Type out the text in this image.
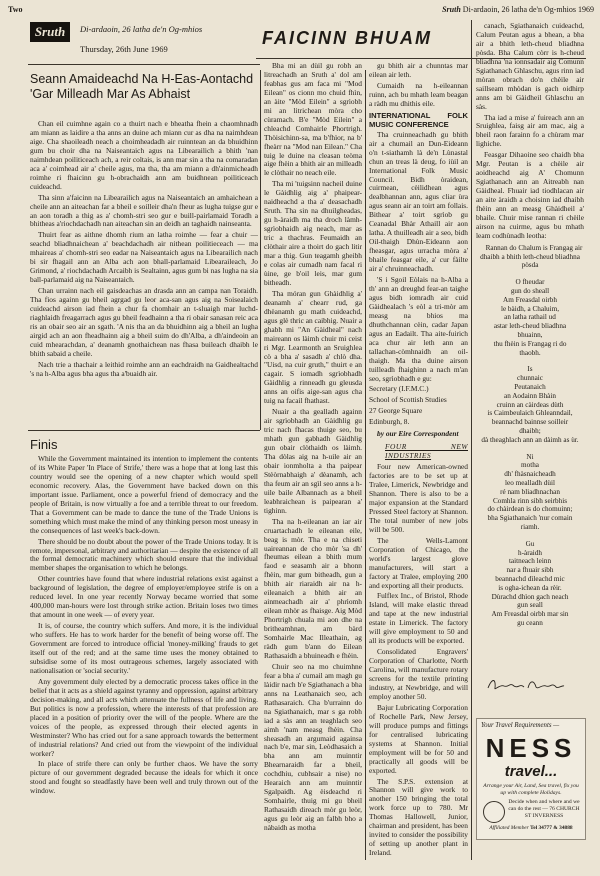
Two	Sruth Di-ardaoin, 26 latha de'n Og-mhios 1969
Sruth	Di-ardaoin, 26 latha de'n Og-mhios
Thursday, 26th June 1969
FAICINN BHUAM
Seann Amaideachd Na H-Eas-Aontachd 'Gar Milleadh Mar As Abhaist

Chan eil cuimhne again co a thuirt nach e bheatha fhein a chaomhnadh am miann as laidire a tha anns an duine ach miann cur as dha na naimhdean aige. Cha shaoileadh neach a choimheadadh air ruinntean an da bhuidhinn gum bu choir dha na Naiseantaich agus na Libearailich a bhith 'nan naimhdean poiliticeach ach, a reir coltais, is ann mar sin a tha na comaradan aca a' coimhead air a' cheile agus, ma tha, tha am miann a dh'ainmicheadh roimhe ri fhaicinn gu h-obrachaidh ann am buidhnean poiliticeach cuideachd.

Tha sinn a'faicinn na Libearailich agus na Naiseantaich an amhaichean a cheile ann an aiteachan far a bheil e soilleir dha'n fheur as lugha tuigse gur e an aon toradh a thig as a' chomh-stri seo gur e buill-pairlamaid Toradh a bhitheas a'riochdachadh nan aiteachan sin an deidh an taghaidh nainseanta.

Thuirt fear as aithne dhomh rium an latha roimhe — fear a chuir — seachd bliadhnaichean a' beachdachadh air nithean poilitieceach — ma mhaireas a' chomh-stri seo eadar na Naiseantaich agus na Libearailich nach bi sir fhagail ann an Alba ach aon bhall-parlamaid Libearaileach, Jo Grimond, a' riochdachadh Arcaibh is Sealtainn, agus gum bi nas lugha na sia ball-parlamaid aig na Naiseantaich.

Chan urrainn nach eil gaisdeachas an drasda ann an campa nan Toraidh. Tha fios againn gu bheil agrgad gu leor aca-san agus aig na Soisealaich cuideachd airson iad fhein a chur fa chomhair an t-sluaigh mar luchd-riaghlaidh freagarrach agus gu bheil feadhainn a tha ri obair sanasan reic aca ris an obair seo air an sgath. 'A nis tha an da bhuidhinn aig a bheil an lugha airgid ach an aon fheadhainn aig a bheil suim do dh'Alba, a dh'aindeoin an cuid mhearachdan, a' deanamh gnothaichean nas fhasa buileach dhaibh le bhith sabaid a cheile.

Nach trie a thachair a leithid roimhe ann an eachdraidh na Gaidhealtachd 's na h-Alba agus bha agus tha a'buaidh air.

Finis

While the Government maintained its intention to implement the contents of its White Paper 'In Place of Strife,' there was a hope that at long last this country would see the opening of a new chapter which would spell economic recovery. Alas, the Government have backed down on this important issue. Parliament, once a powerful friend of democracy and the people of Britain, is now virtually a foe and a terrible threat to our freedom. That a Government can be made to dance the tune of the Trade Unions is something which must make the mind of any thinking person most uneasy in the consequences of last week's back-down.

There should be no doubt about the power of the Trade Unions today. It is remote, impersonal, arbitrary and authoritarian — despite the existence of all the formal democratic machinery which should ensure that the individual member shapes the organisation to which he belongs.

Other countries have found that where industrial relations exist against a background of legislation, the degree of employer/employee strife is on a reduced level. In one year recently Norway became worried that some 400,000 man-hours were lost through strike action. Britain loses two times that amount in one week — of every year.

It is, of course, the country which suffers. And more, it is the individual who suffers. He has to work harder for the benefit of being worse off. The Government are forced to introduce official 'money-milking' frauds to get itself out of the red; and at the same time uses the money obtained to subsidise some of its most outrageous schemes, largely associated with nationalisation or 'social security.'

Any government duly elected by a democratic process takes office in the belief that it acts as a shield against tyranny and oppression, against arbitrary decision-making, and all acts which attenuate the fullness of life and living. But politics is now a profession, where the interests of that profession are placed in a position of priority over the will of the people. Where are the voices of the people, as expressed through their elected agents in Westminster? Who has cried out for a sane approach towards the betterment of industrial relations? And cried out from the viewpoint of the individual worker?

In place of strife there can only be further chaos. We have the sorry picture of our government degraded because the ideals for which it once stood and fought so steadfastly have been well and truly thrown out of the window.

Bha mi an dùil gu robh an litreachadh an Sruth a' dol am feabhas gus am faca mi "Mod Eilean" os cionn mo chuid fhìn, an àite "Mòd Eilein" a sgrìobh mi an litrichean mòra cho cùramach. B'e "Mòd Eilein" a chleachd Comhairle Phortrigh. Thòisichinn-sa, ma b'fhìor, na b' fheàrr na "Mod nan Eilean." Cha tuig le duine na cleasan teòma aige fhèin a bhith air an milleadh le clòthair no neach eile.

Tha mi 'tuigsinn nacheil duine le Gàidhlig aig a' phaipear-naidheachd a tha a' deasachadh Sruth. Tha sin na dhuilgheadas, gu h-àraidh ma tha droch làmh-sgrìobhaidh aig neach, mar as tric a thachras. Feumaidh an clòthair aire a thoirt do gach litir mar a thig. Gun teagamh gheibh e colas air cumadh nam facal ri ùine, ge b'oil leis, mar gum bitheadh.

Tha móran gun Ghàidhlig a' deanamh a' chearr rud, ga dhèanamh gu math cuideachd, agus glè thric an caibhig. Nuair a ghabh mi "An Gàidheal" nach maireann os làimh chuir mi ceist ri Mgr. Learmonth an Sruighlea cò a bha a' sasadh a' chlò dha. "Uisd, na cuir gruth," thuirt e an cagair. S iomadh sgrìobhadh Gàidhlig a rinneadh gu gleusda anns an oifis aige-san agus cha tuig na facail fhathast.

Nuair a tha gealladh againn air sgrìobhadh an Gàidhlig gu tric nach fhacas thuige seo, bu mhath gun gabhadh Gàidhlig gun obair clòthaidh os làimh. Tha dòlas aig na h-uile air an obair ionmholta a tha paipear Stèòrnabhaigh a' dèanamh, ach tha feum air an sgìl seo anns a h-uile baile Albannach as a bheil leabhraichean is paipearan a' tighinn.

Tha na h-eileanan an iar air cruartachadh le eileanan eile, beag is mòr. Tha e na chiseti uaireannan de cho mòr 'sa dh' fheumas eilean a bhith mum faod e seasamh air a bhonn fhèin, mar gum bitheadh, gun a bhith air riaraidh air na h-eileanaich a bhith air an ainmeachadh air a' phrìomh eilean mhòr as fhaisge. Aig Mòd Phortrigh chuala mi aon dhe na britheamhnan, am bàrd Somhairle Mac Illeathain, ag ràdh gum b'ann do Eilean Rathasaidh a bhuineadh e fhèin.

Chuir seo na mo chuimhne fear a bha a' cumail am magh gu làidir nach b'e Sgiathanach a bha anns na Leathanaich seo, ach Rathasaraich. Cha b'urrainn do na Sgiathanaich, mar s ga robh iad a sàs ann an teaghlach seo aimh 'nam measg fhèin. Cha sheasadh an argumaid againsa nach b'e, mar sin, Leòdhasaich a bha ann am muinntir Bhearnaraidh far a bheil, cochdhiu, cubhsair a nise) no Hearaich ann am muinntir Sgalpaidh. Ag èisdeachd ri Somhairle, thuig mi gu bheil Rathasaidh direach mòr gu leòr, agus gu leòr aig an falbh bho a nàbaidh as motha

gu bhith air a chunntas mar eilean air leth.

Cumaidh na h-eileannan ruinn, ach bu mhath leam beagan a ràdh mu dhithis eile.

INTERNATIONAL FOLK MUSIC CONFERENCE

Tha cruinneachadh gu bhith air a chumail an Dun-Eideann o'n t-siathamh là de'n Lùnastal chun an treas là deug, fo iùil an International Folk Music Council. Bidh òraidean, cuirmean, cèilidhean agus dealbhannan ann, agus cliar ùra agus seann air an toirt am follais. Bithear a' toirt sgrìob gu Ceanadal Bhàr Athaill air aon latha. A thuilleadh air a seo, bidh Oil-thaigh Dhùn-Eideann aon fheasgar, agus urracha mòra a' bhaile feasgar eile, a' cur fàilte air a' chruinneachadh.

'S i Sgoil Eòlais na h-Alba a th' ann an dreughd fear-an taighe agus bidh iomradh air cuid Gàidhealach 's eòl a tri-mòr am measg na bhios ma dhuthchannan cèin, cadar Japan agus an Eadailt. Tha aite-fuirich aca chur air leth ann an tallachan-còmhnaidh an oil-thaigh. Ma tha duine airson tuilleadh fhaighinn a nach m'an seo, sgrìobhadh e gu:

Secretary (I.F.M.C.)

School of Scottish Studies

27 George Square

Edinburgh, 8.

by our Eire Correspondent

FOUR NEW INDUSTRIES

Four new American-owned factories are to be set up at Tralee, Limerick, Newbridge and Shannon. There is also to be a major expansion at the Standard Pressed Steel factory at Shannon. The total number of new jobs will be 500.

The Wells-Lamont Corporation of Chicago, the world's largest glove manufacturers, will start a factory at Tralee, employing 200 and exporting all their products.

Fulflex Inc., of Bristol, Rhode Island, will make elastic thread and tape at the new industrial estate in Limerick. The factory will give employment to 50 and all its products will be exported.

Consolidated Engravers' Corporation of Charlotte, North Carolina, will manufacture rotary screens for the textile printing industry, at Newbridge, and will employ another 50.

Bajur Lubricating Corporation of Rochelle Park, New Jersey, will produce pumps and fittings for centralised lubricating systems at Shannon. Initial employment will be for 50 and practically all goods will be exported.

The S.P.S. extension at Shannon will give work to another 150 bringing the total work force up to 780. Mr Thomas Hallowell, Junior, chairman and president, has been invited to consider the possibility of setting up another plant in Ireland.

canach, Sgiathanaich cuideachd, Calum Peutan agus a bhean, a bha air a bhith leth-cheud bliadhna pòsda. Bha Calum còrr is h-cheud bliadhna 'na ìonnsadair aig Comunn Sgiathanach Ghlaschu, agus rinn iad mòran obrach do'n chèile air saillseam mhòdan is gach oidhirp anns am bi Gàidheil Ghlaschu an sàs.

Tha iad a mise a' fuireach ann an Sruighlea, faisg air am mac, aig a bheil raon farainn fo a chùram mar lighiche.

Feasgar Dihaoine seo chaidh bha Mgr. Peutan is a chèile air aoidheachd aig A' Chomunn Sgiathanach ann an Aitreabh nan Gàidheal. Fhuair iad tiodhlacan air an aite àraidh a choisinn iad dhaibh fhèin ann an measg Ghàidheil a' bhaile. Chuir mise rannan ri chèile airson na cuirme, agus bu mhath leam codhùnadh leotha:

Rannan do Chalum is Frangag air dhaibh a bhith leth-cheud bliadhna pòsda

O fheudar
gun do sheall
Am Freasdal oirbh
le bàidh, a Chaluim,
an latha rathail ud
astar leth-cheud bliadhna
bhuainn,
thu fhèin is Frangag ri do
thaobh.
Is
chunnaic
Peutanaich
an Aodainn Bhàin
cruinn an càirdeas dùth
is Caimbeulaich Ghleanndail,
beannachd bainnse soilleir
dhaibh;
dà theaghlach ann an dàimh as ùr.
Ni
motha
dh' fhàsnaicheadh
leo mealladh dùil
ré nam bliadhnachan
Comhla rinn sibh seirbhis
do chàirdean is do chomuinn;
bha Sgiathanaich 'nur comain
riamh.
Gu
h-àraidh
taitneach leinn
nar a fhuair sibh
beannachd dìleachd mic
is ogha-ichean da rèir.
Dùrachd dhìon gach neach
gun seall
Am Freasdal oirbh mar sin
gu ceann
Your Travel Requirements —
NESS
travel...
Arrange your Air, Land, Sea travel, fix you up with complete Holidays.
Decide when and where and we can do the rest — 76 CHURCH ST INVERNESS
Affiliated Member Tel 34777 & 34888
